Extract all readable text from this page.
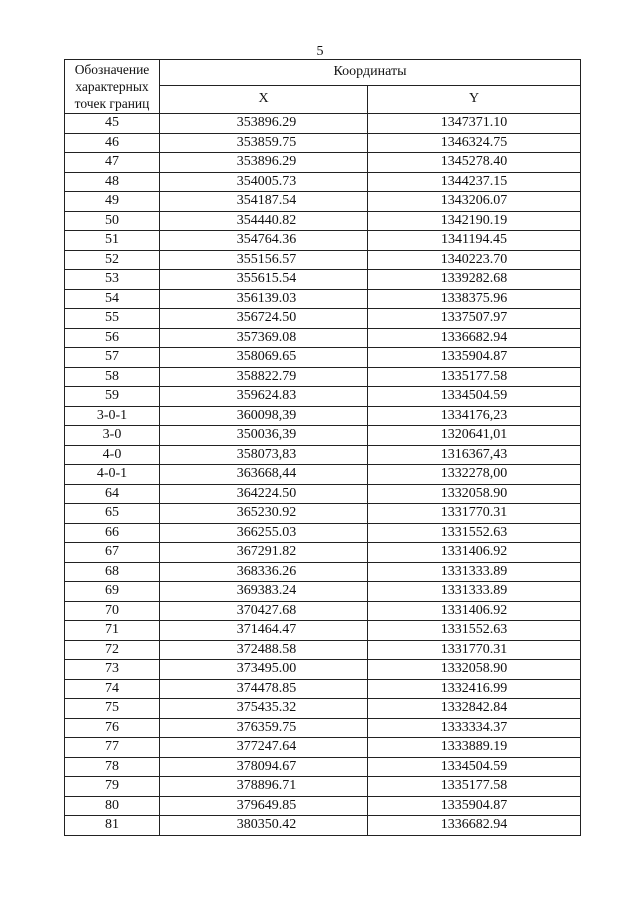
5
Обозначение характерных точек границ	Координаты	
	X	Y
45	353896.29	1347371.10
46	353859.75	1346324.75
47	353896.29	1345278.40
48	354005.73	1344237.15
49	354187.54	1343206.07
50	354440.82	1342190.19
51	354764.36	1341194.45
52	355156.57	1340223.70
53	355615.54	1339282.68
54	356139.03	1338375.96
55	356724.50	1337507.97
56	357369.08	1336682.94
57	358069.65	1335904.87
58	358822.79	1335177.58
59	359624.83	1334504.59
3-0-1	360098,39	1334176,23
3-0	350036,39	1320641,01
4-0	358073,83	1316367,43
4-0-1	363668,44	1332278,00
64	364224.50	1332058.90
65	365230.92	1331770.31
66	366255.03	1331552.63
67	367291.82	1331406.92
68	368336.26	1331333.89
69	369383.24	1331333.89
70	370427.68	1331406.92
71	371464.47	1331552.63
72	372488.58	1331770.31
73	373495.00	1332058.90
74	374478.85	1332416.99
75	375435.32	1332842.84
76	376359.75	1333334.37
77	377247.64	1333889.19
78	378094.67	1334504.59
79	378896.71	1335177.58
80	379649.85	1335904.87
81	380350.42	1336682.94
